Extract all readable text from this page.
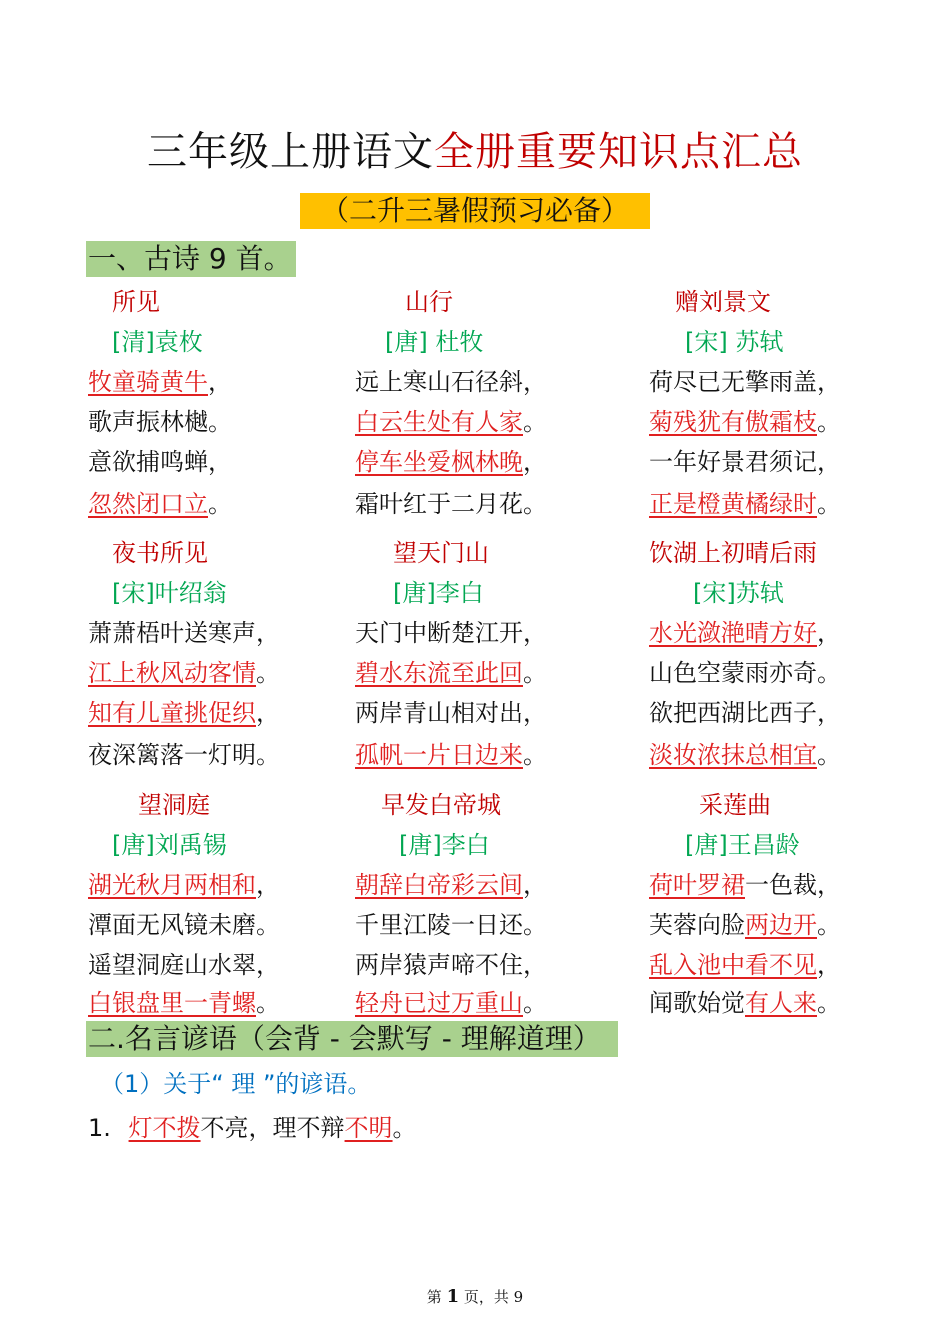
三年级上册语文全册重要知识点汇总
（二升三暑假预习必备）
一、古诗 9 首。
所见
[清]袁枚
牧童骑黄牛，
歌声振林樾。
意欲捕鸣蝉，
忽然闭口立。
山行
[唐] 杜牧
远上寒山石径斜，
白云生处有人家。
停车坐爱枫林晚，
霜叶红于二月花。
赠刘景文
[宋] 苏轼
荷尽已无擎雨盖，
菊残犹有傲霜枝。
一年好景君须记，
正是橙黄橘绿时。
夜书所见
[宋]叶绍翁
萧萧梧叶送寒声，
江上秋风动客情。
知有儿童挑促织，
夜深篱落一灯明。
望天门山
[唐]李白
天门中断楚江开，
碧水东流至此回。
两岸青山相对出，
孤帆一片日边来。
饮湖上初晴后雨
[宋]苏轼
水光潋滟晴方好，
山色空蒙雨亦奇。
欲把西湖比西子，
淡妆浓抹总相宜。
望洞庭
[唐]刘禹锡
湖光秋月两相和，
潭面无风镜未磨。
遥望洞庭山水翠，
白银盘里一青螺。
早发白帝城
[唐]李白
朝辞白帝彩云间，
千里江陵一日还。
两岸猿声啼不住，
轻舟已过万重山。
采莲曲
[唐]王昌龄
荷叶罗裙一色裁，
芙蓉向脸两边开。
乱入池中看不见，
闻歌始觉有人来。
二.名言谚语（会背 - 会默写 - 理解道理）
（1）关于“ 理 ”的谚语。
1. 灯不拨不亮，理不辩不明。
第 1 页，共 9
